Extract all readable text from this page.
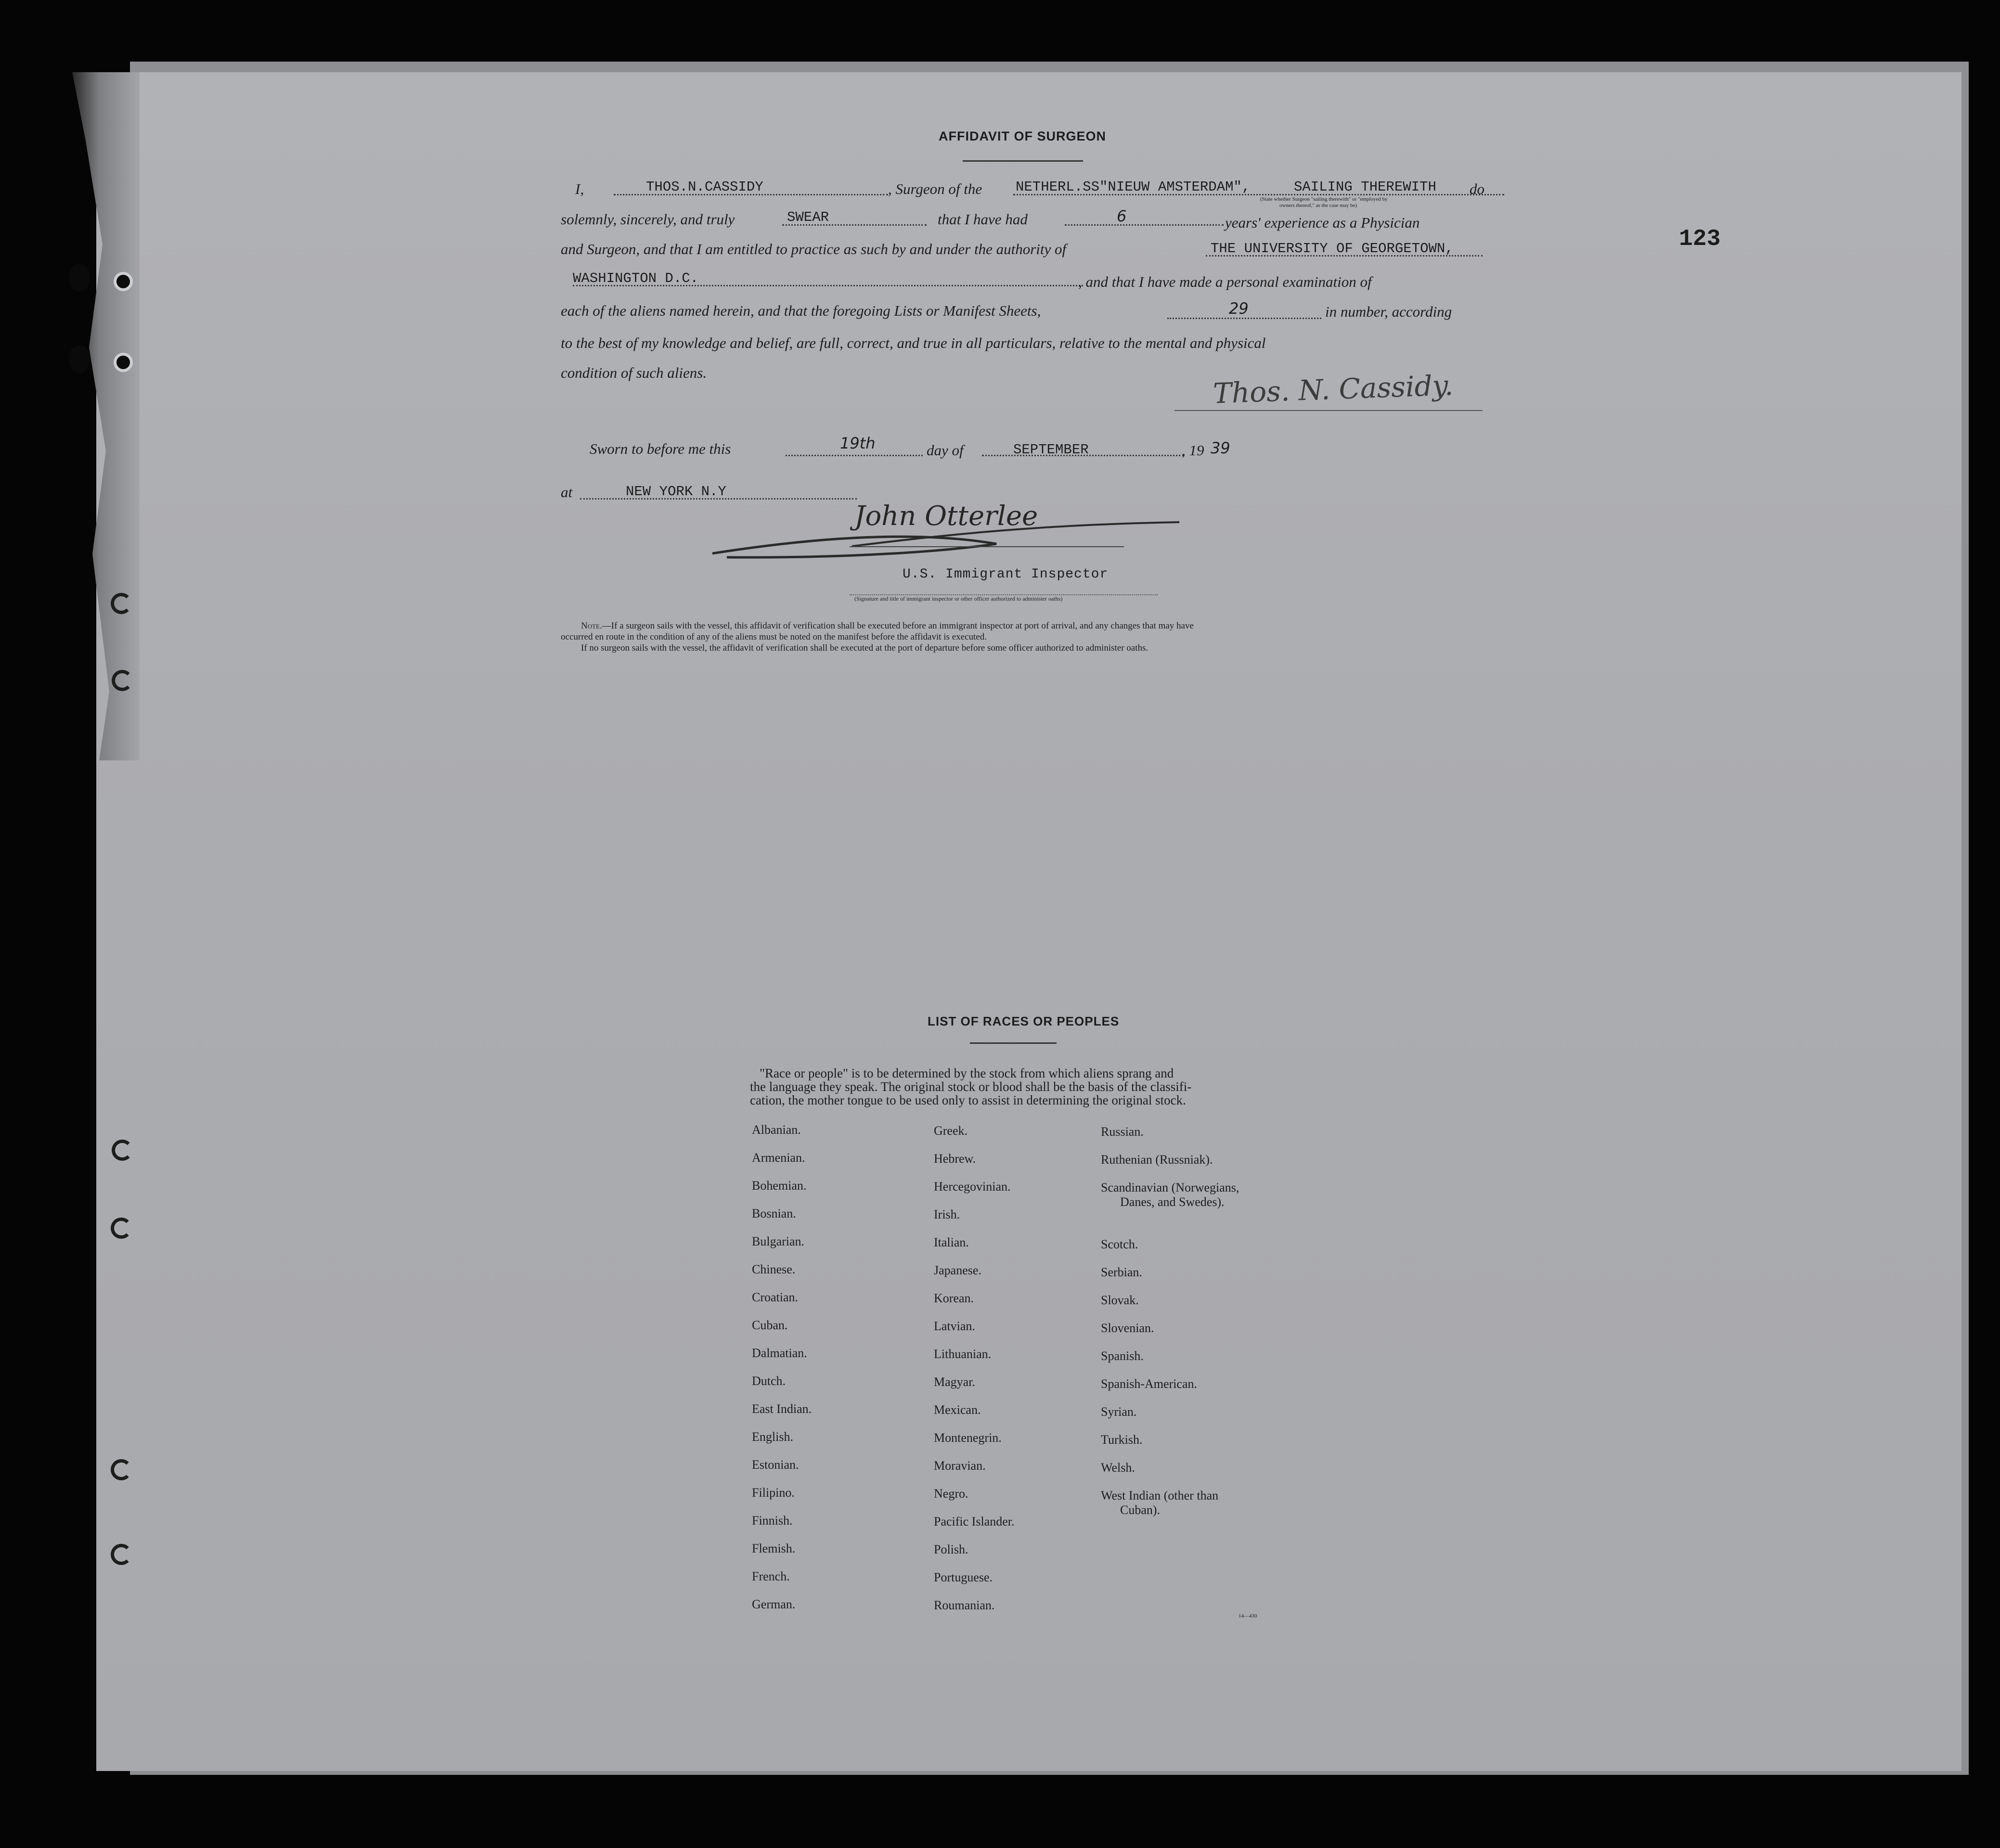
123
AFFIDAVIT OF SURGEON
I,	THOS.N.CASSIDY	, Surgeon of the NETHERL.SS"NIEUW AMSTERDAM",	SAILING THEREWITH do
(State whether Surgeon "sailing therewith" or "employed by
owners thereof," as the case may be)
solemnly, sincerely, and truly	SWEAR	that I have had	6	years' experience as a Physician
and Surgeon, and that I am entitled to practice as such by and under the authority of	THE UNIVERSITY OF GEORGETOWN,
WASHINGTON D.C.	, and that I have made a personal examination of
each of the aliens named herein, and that the foregoing Lists or Manifest Sheets,	29	in number, according
to the best of my knowledge and belief, are full, correct, and true in all particulars, relative to the mental and physical
condition of such aliens.	Thos. N. Cassidy.
Sworn to before me this	19th	day of	SEPTEMBER	, 19 39
at	NEW YORK N.Y
John Otterlee
U.S. Immigrant Inspector
(Signature and title of immigrant inspector or other officer authorized to administer oaths)
Note.—If a surgeon sails with the vessel, this affidavit of verification shall be executed before an immigrant inspector at port of arrival, and any changes that may have
occurred en route in the condition of any of the aliens must be noted on the manifest before the affidavit is executed.
If no surgeon sails with the vessel, the affidavit of verification shall be executed at the port of departure before some officer authorized to administer oaths.
LIST OF RACES OR PEOPLES
"Race or people" is to be determined by the stock from which aliens sprang and
the language they speak. The original stock or blood shall be the basis of the classifi-
cation, the mother tongue to be used only to assist in determining the original stock.
Albanian.
Armenian.
Bohemian.
Bosnian.
Bulgarian.
Chinese.
Croatian.
Cuban.
Dalmatian.
Dutch.
East Indian.
English.
Estonian.
Filipino.
Finnish.
Flemish.
French.
German.
Greek.
Hebrew.
Hercegovinian.
Irish.
Italian.
Japanese.
Korean.
Latvian.
Lithuanian.
Magyar.
Mexican.
Montenegrin.
Moravian.
Negro.
Pacific Islander.
Polish.
Portuguese.
Roumanian.
Russian.
Ruthenian (Russniak).
Scandinavian (Norwegians,
Danes, and Swedes).
Scotch.
Serbian.
Slovak.
Slovenian.
Spanish.
Spanish-American.
Syrian.
Turkish.
Welsh.
West Indian (other than
Cuban).
14—430
